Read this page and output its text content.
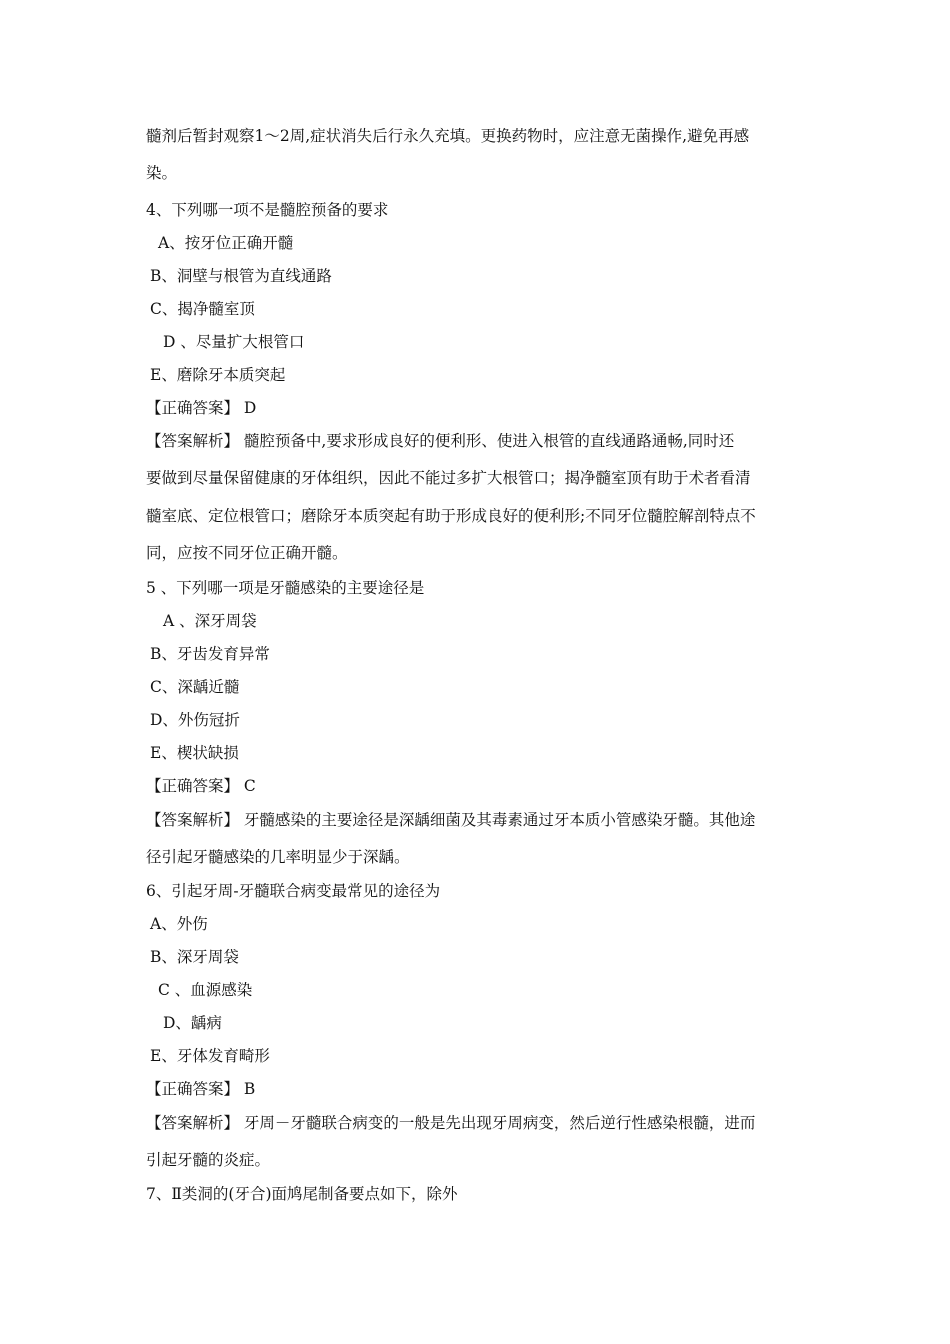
髓剂后暂封观察1～2周,症状消失后行永久充填。更换药物时，应注意无菌操作,避免再感
染。
4、下列哪一项不是髓腔预备的要求
A、按牙位正确开髓
B、洞壁与根管为直线通路
C、揭净髓室顶
D 、尽量扩大根管口
E、磨除牙本质突起
【正确答案】 D
【答案解析】 髓腔预备中,要求形成良好的便利形、使进入根管的直线通路通畅,同时还
要做到尽量保留健康的牙体组织，因此不能过多扩大根管口；揭净髓室顶有助于术者看清
髓室底、定位根管口；磨除牙本质突起有助于形成良好的便利形;不同牙位髓腔解剖特点不
同，应按不同牙位正确开髓。
5 、下列哪一项是牙髓感染的主要途径是
A 、深牙周袋
B、牙齿发育异常
C、深龋近髓
D、外伤冠折
E、楔状缺损
【正确答案】 C
【答案解析】 牙髓感染的主要途径是深龋细菌及其毒素通过牙本质小管感染牙髓。其他途
径引起牙髓感染的几率明显少于深龋。
6、引起牙周-牙髓联合病变最常见的途径为
A、外伤
B、深牙周袋
C 、血源感染
D、龋病
E、牙体发育畸形
【正确答案】 B
【答案解析】 牙周－牙髓联合病变的一般是先出现牙周病变，然后逆行性感染根髓，进而
引起牙髓的炎症。
7、Ⅱ类洞的(牙合)面鸠尾制备要点如下，除外
